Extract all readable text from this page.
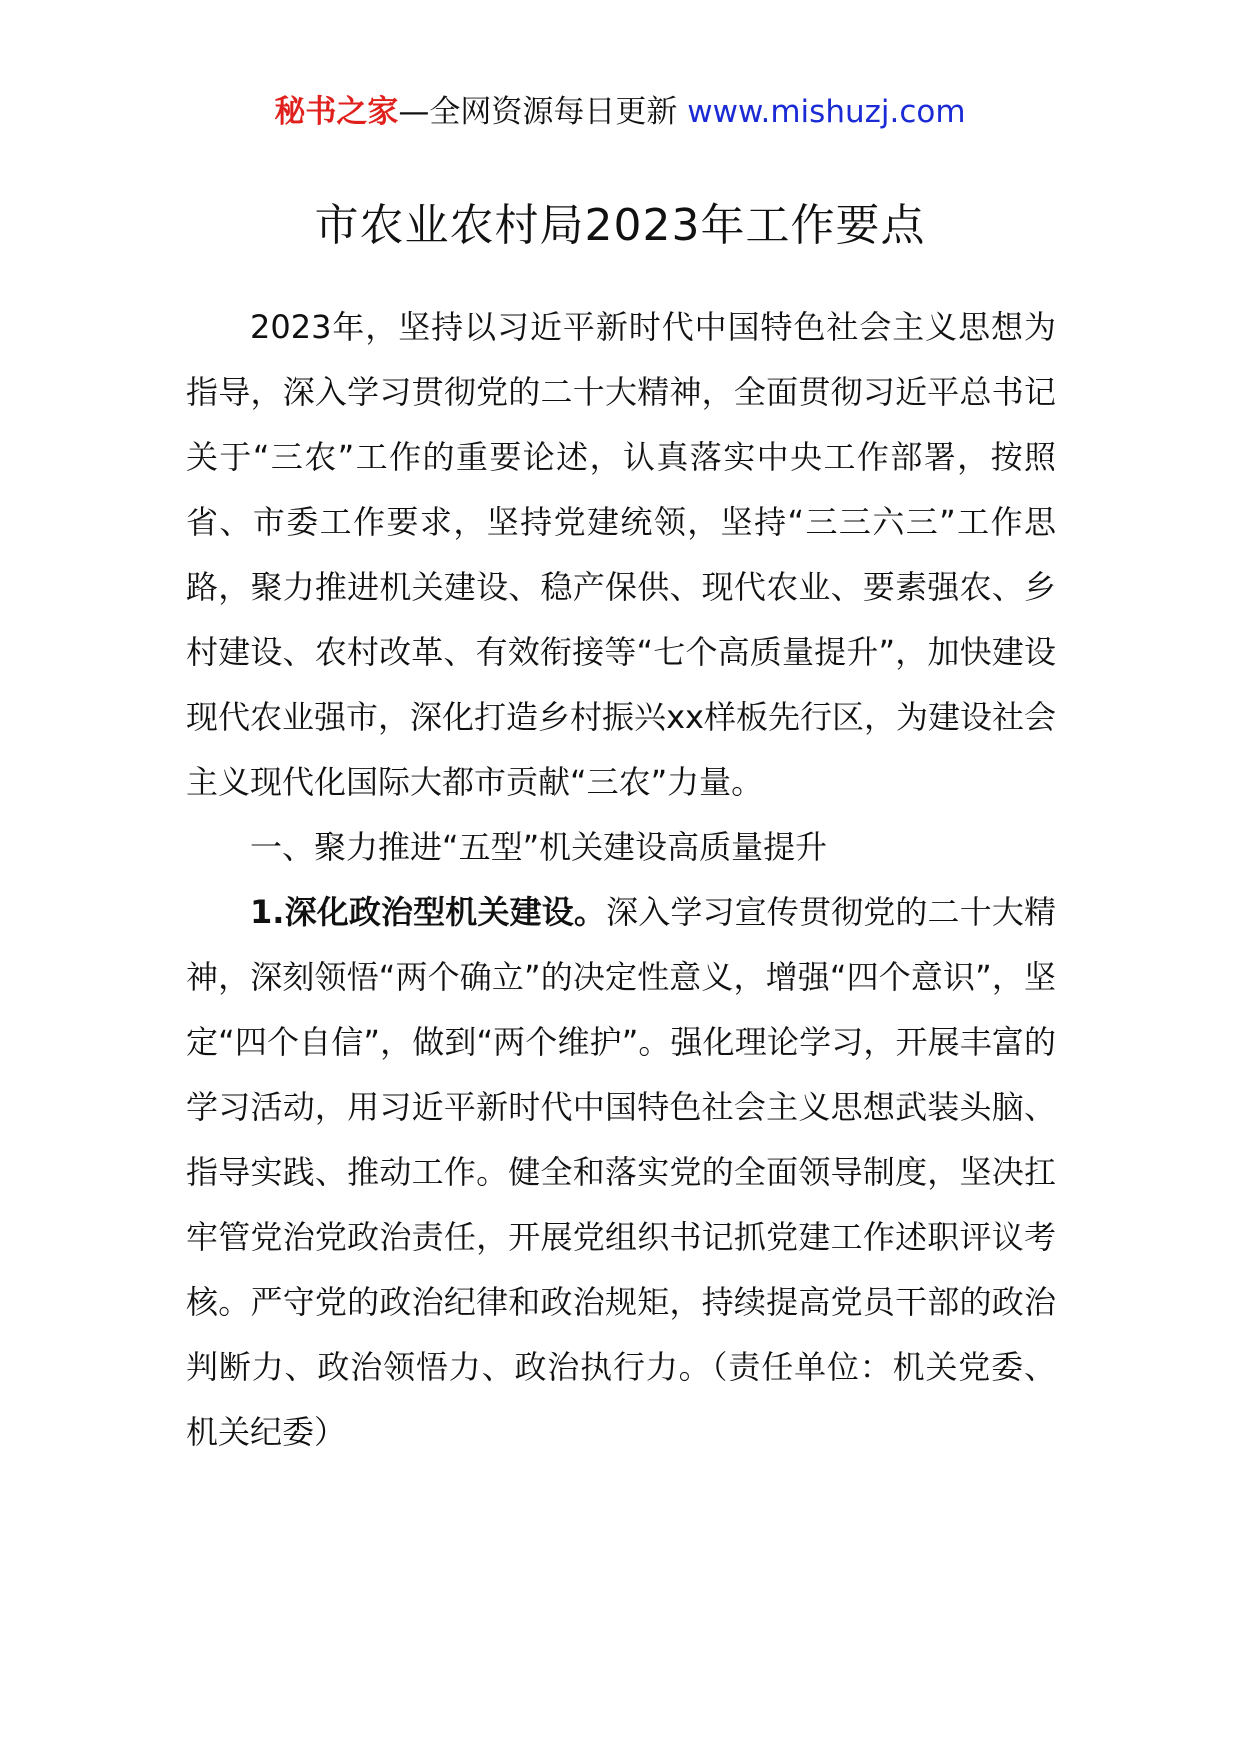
秘书之家—全网资源每日更新 www.mishuzj.com
市农业农村局2023年工作要点

2023年，坚持以习近平新时代中国特色社会主义思想为指导，深入学习贯彻党的二十大精神，全面贯彻习近平总书记关于“三农”工作的重要论述，认真落实中央工作部署，按照省、市委工作要求，坚持党建统领，坚持“三三六三”工作思路，聚力推进机关建设、稳产保供、现代农业、要素强农、乡村建设、农村改革、有效衔接等“七个高质量提升”，加快建设现代农业强市，深化打造乡村振兴xx样板先行区，为建设社会主义现代化国际大都市贡献“三农”力量。

一、聚力推进“五型”机关建设高质量提升

1.深化政治型机关建设。深入学习宣传贯彻党的二十大精神，深刻领悟“两个确立”的决定性意义，增强“四个意识”，坚定“四个自信”，做到“两个维护”。强化理论学习，开展丰富的学习活动，用习近平新时代中国特色社会主义思想武装头脑、指导实践、推动工作。健全和落实党的全面领导制度，坚决扛牢管党治党政治责任，开展党组织书记抓党建工作述职评议考核。严守党的政治纪律和政治规矩，持续提高党员干部的政治判断力、政治领悟力、政治执行力。（责任单位：机关党委、机关纪委）
